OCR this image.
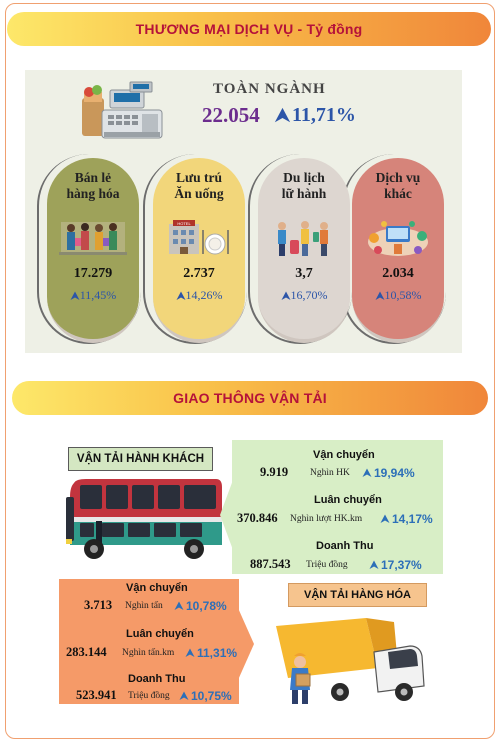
THƯƠNG MẠI DỊCH VỤ - Tỷ đồng
TOÀN NGÀNH
22.054 11,71%
Bán lẻ
hàng hóa
17.279
11,45%
Lưu trú
Ăn uống
HOTEL
2.737
14,26%
Du lịch
lữ hành
3,7
16,70%
Dịch vụ
khác
2.034
10,58%
GIAO THÔNG VẬN TẢI
VẬN TẢI HÀNH KHÁCH	Vận chuyển
9.919 Nghìn HK 19,94%
Luân chuyển
370.846 Nghìn lượt HK.km 14,17%
Doanh Thu
887.543 Triệu đồng	17,37%
Vận chuyển
3.713 Nghìn tấn 10,78%
Luân chuyển
283.144 Nghìn tấn.km 11,31%
Doanh Thu
523.941 Triệu đồng 10,75%
VẬN TẢI HÀNG HÓA
